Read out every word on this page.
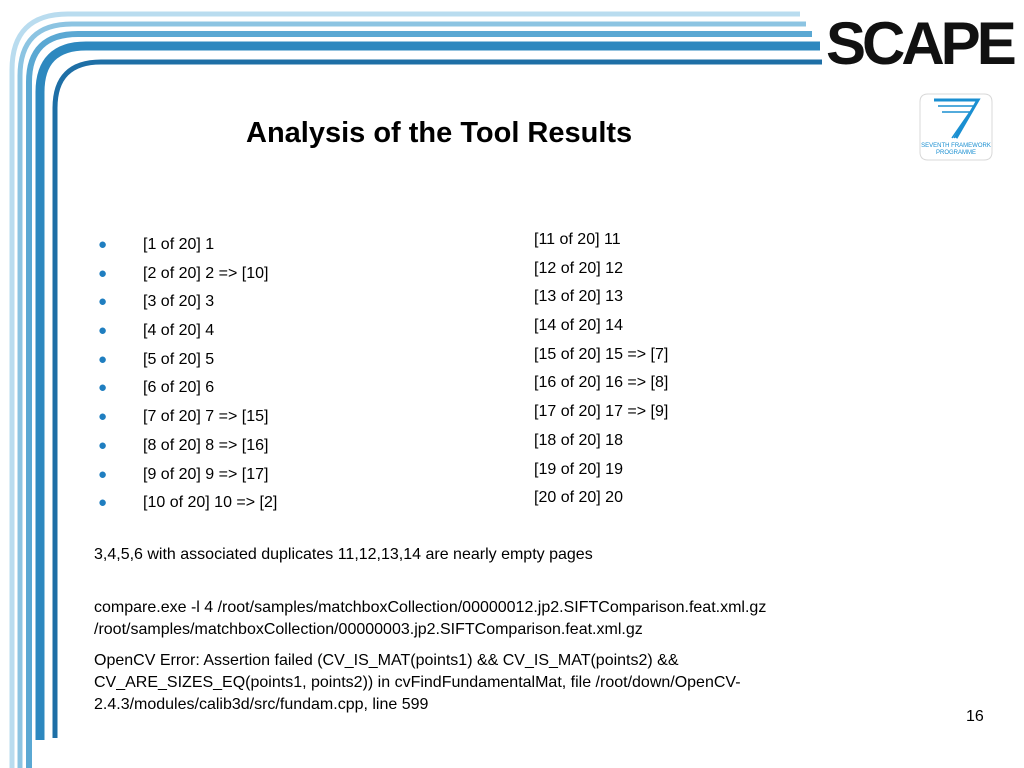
SCAPE
SEVENTH FRAMEWORK
PROGRAMME
Analysis of the Tool Results
● [1 of 20] 1
● [2 of 20] 2 => [10]
● [3 of 20] 3
● [4 of 20] 4
● [5 of 20] 5
● [6 of 20] 6
● [7 of 20] 7 => [15]
● [8 of 20] 8 => [16]
● [9 of 20] 9 => [17]
● [10 of 20] 10 => [2]
[11 of 20] 11
[12 of 20] 12
[13 of 20] 13
[14 of 20] 14
[15 of 20] 15 => [7]
[16 of 20] 16 => [8]
[17 of 20] 17 => [9]
[18 of 20] 18
[19 of 20] 19
[20 of 20] 20
3,4,5,6 with associated duplicates 11,12,13,14 are nearly empty pages
compare.exe -l 4 /root/samples/matchboxCollection/00000012.jp2.SIFTComparison.feat.xml.gz /root/samples/matchboxCollection/00000003.jp2.SIFTComparison.feat.xml.gz
OpenCV Error: Assertion failed (CV_IS_MAT(points1) && CV_IS_MAT(points2) && CV_ARE_SIZES_EQ(points1, points2)) in cvFindFundamentalMat, file /root/down/OpenCV-2.4.3/modules/calib3d/src/fundam.cpp, line 599
16
